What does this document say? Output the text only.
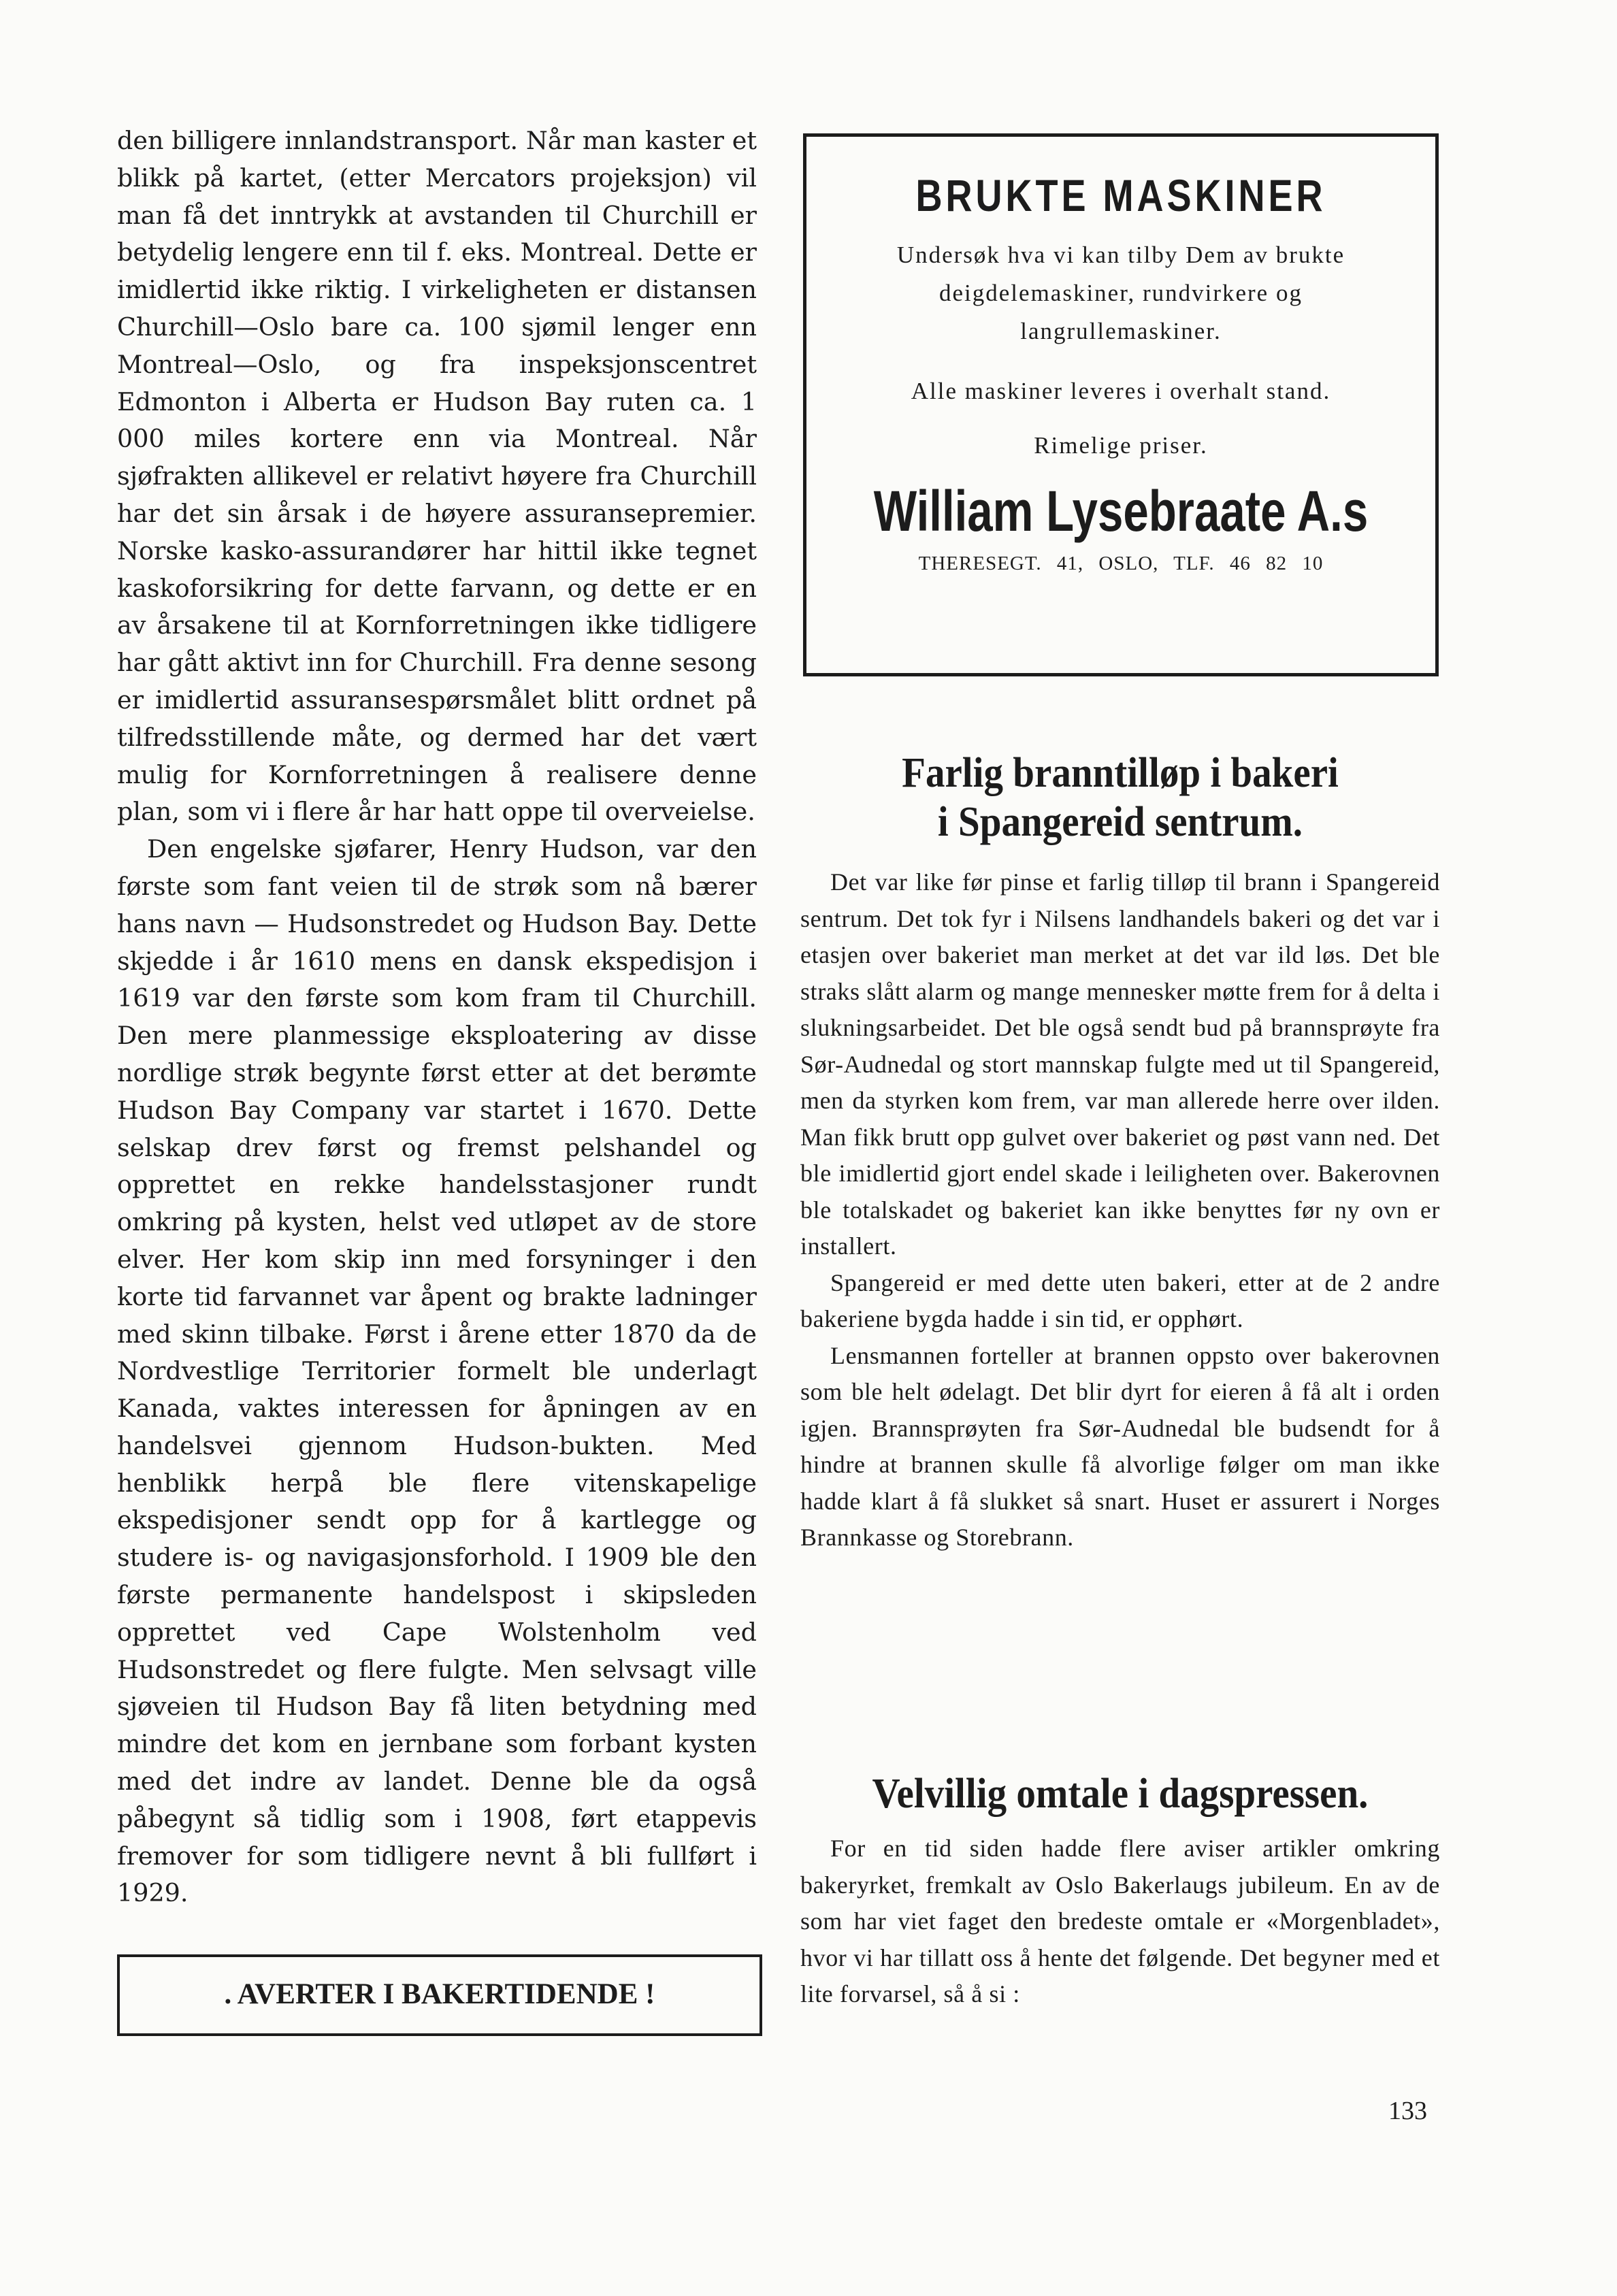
den billigere innlandstransport. Når man kaster et blikk på kartet, (etter Mercators projeksjon) vil man få det inntrykk at avstanden til Churchill er betydelig lengere enn til f. eks. Montreal. Dette er imidlertid ikke riktig. I virkeligheten er distansen Churchill—Oslo bare ca. 100 sjømil lenger enn Montreal—Oslo, og fra inspeksjonscentret Edmonton i Alberta er Hudson Bay ruten ca. 1 000 miles kortere enn via Montreal. Når sjøfrakten allikevel er relativt høyere fra Churchill har det sin årsak i de høyere assuransepremier. Norske kasko-assurandører har hittil ikke tegnet kaskoforsikring for dette farvann, og dette er en av årsakene til at Kornforretningen ikke tidligere har gått aktivt inn for Churchill. Fra denne sesong er imidlertid assuransespørsmålet blitt ordnet på tilfredsstillende måte, og dermed har det vært mulig for Kornforretningen å realisere denne plan, som vi i flere år har hatt oppe til overveielse.

Den engelske sjøfarer, Henry Hudson, var den første som fant veien til de strøk som nå bærer hans navn — Hudsonstredet og Hudson Bay. Dette skjedde i år 1610 mens en dansk ekspedisjon i 1619 var den første som kom fram til Churchill. Den mere planmessige eksploatering av disse nordlige strøk begynte først etter at det berømte Hudson Bay Company var startet i 1670. Dette selskap drev først og fremst pelshandel og opprettet en rekke handelsstasjoner rundt omkring på kysten, helst ved utløpet av de store elver. Her kom skip inn med forsyninger i den korte tid farvannet var åpent og brakte ladninger med skinn tilbake. Først i årene etter 1870 da de Nordvestlige Territorier formelt ble underlagt Kanada, vaktes interessen for åpningen av en handelsvei gjennom Hudson-bukten. Med henblikk herpå ble flere vitenskapelige ekspedisjoner sendt opp for å kartlegge og studere is- og navigasjonsforhold. I 1909 ble den første permanente handelspost i skipsleden opprettet ved Cape Wolstenholm ved Hudsonstredet og flere fulgte. Men selvsagt ville sjøveien til Hudson Bay få liten betydning med mindre det kom en jernbane som forbant kysten med det indre av landet. Denne ble da også påbegynt så tidlig som i 1908, ført etappevis fremover for som tidligere nevnt å bli fullført i 1929.

. AVERTER I BAKERTIDENDE !
BRUKTE MASKINER
Undersøk hva vi kan tilby Dem av brukte deigdelemaskiner, rundvirkere og langrullemaskiner.
Alle maskiner leveres i overhalt stand.
Rimelige priser.
William Lysebraate A.s
THERESEGT. 41, OSLO, TLF. 46 82 10
Farlig branntilløp i bakeri
i Spangereid sentrum.

Det var like før pinse et farlig tilløp til brann i Spangereid sentrum. Det tok fyr i Nilsens landhandels bakeri og det var i etasjen over bakeriet man merket at det var ild løs. Det ble straks slått alarm og mange mennesker møtte frem for å delta i slukningsarbeidet. Det ble også sendt bud på brannsprøyte fra Sør-Audnedal og stort mannskap fulgte med ut til Spangereid, men da styrken kom frem, var man allerede herre over ilden. Man fikk brutt opp gulvet over bakeriet og pøst vann ned. Det ble imidlertid gjort endel skade i leiligheten over. Bakerovnen ble totalskadet og bakeriet kan ikke benyttes før ny ovn er installert.

Spangereid er med dette uten bakeri, etter at de 2 andre bakeriene bygda hadde i sin tid, er opphørt.

Lensmannen forteller at brannen oppsto over bakerovnen som ble helt ødelagt. Det blir dyrt for eieren å få alt i orden igjen. Brannsprøyten fra Sør-Audnedal ble budsendt for å hindre at brannen skulle få alvorlige følger om man ikke hadde klart å få slukket så snart. Huset er assurert i Norges Brannkasse og Storebrann.

Velvillig omtale i dagspressen.

For en tid siden hadde flere aviser artikler omkring bakeryrket, fremkalt av Oslo Bakerlaugs jubileum. En av de som har viet faget den bredeste omtale er «Morgenbladet», hvor vi har tillatt oss å hente det følgende. Det begyner med et lite forvarsel, så å si :

133
